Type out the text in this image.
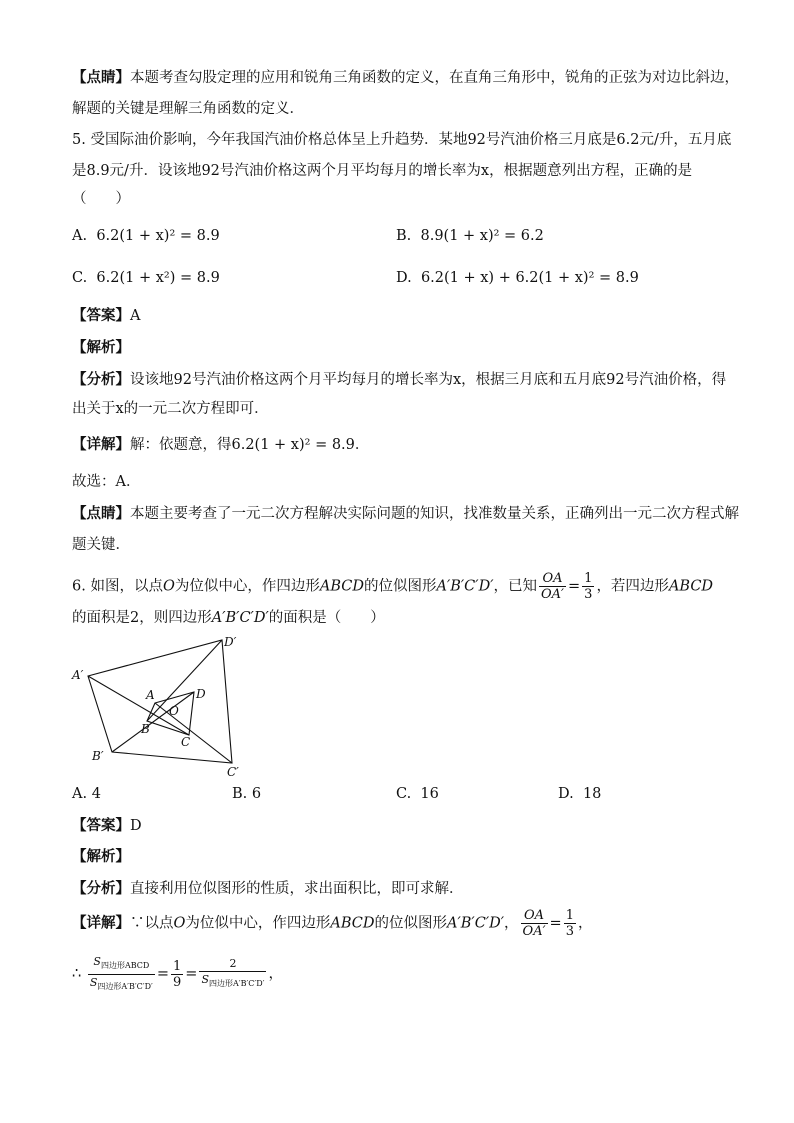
【点睛】本题考查勾股定理的应用和锐角三角函数的定义，在直角三角形中，锐角的正弦为对边比斜边，
解题的关键是理解三角函数的定义．
5. 受国际油价影响，今年我国汽油价格总体呈上升趋势．某地92号汽油价格三月底是6.2元/升，五月底
是8.9元/升．设该地92号汽油价格这两个月平均每月的增长率为x，根据题意列出方程，正确的是
（　　）
A. 6.2(1 + x)² = 8.9	B. 8.9(1 + x)² = 6.2
C. 6.2(1 + x²) = 8.9	D. 6.2(1 + x) + 6.2(1 + x)² = 8.9
【答案】A
【解析】
【分析】设该地92号汽油价格这两个月平均每月的增长率为x，根据三月底和五月底92号汽油价格，得
出关于x的一元二次方程即可．
【详解】解：依题意，得6.2(1 + x)² = 8.9．
故选：A．
【点睛】本题主要考查了一元二次方程解决实际问题的知识，找准数量关系，正确列出一元二次方程式解
题关键．
6. 如图，以点O为位似中心，作四边形ABCD的位似图形A′B′C′D′，已知 $\frac{OA}{OA'} = \frac{1}{3}$ ，若四边形ABCD
的面积是2，则四边形A′B′C′D′的面积是（　　）
A′
D′
B′
C′
A	D
B
C
O
A. 4	B. 6	C. 16	D. 18
【答案】D
【解析】
【分析】直接利用位似图形的性质，求出面积比，即可求解．
【详解】∵以点O为位似中心，作四边形ABCD的位似图形A′B′C′D′， $\frac{OA}{OA'} = \frac{1}{3}$ ，
∴ $\frac{S_{四边形ABCD}}{S_{四边形A'B'C'D'}} = \frac{1}{9} = \frac{2}{S_{四边形A'B'C'D'}}$ ，
